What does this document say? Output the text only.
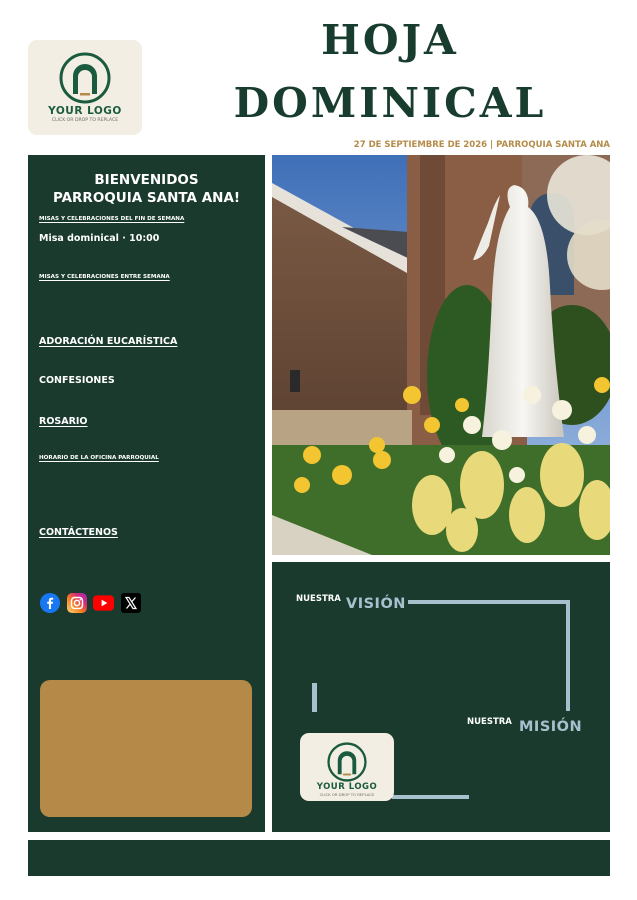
YOUR LOGO
CLICK OR DROP TO REPLACE
HOJA
DOMINICAL
27 DE SEPTIEMBRE DE 2026 | PARROQUIA SANTA ANA
BIENVENIDOS
PARROQUIA SANTA ANA!
MISAS Y CELEBRACIONES DEL FIN DE SEMANA
Misa dominical · 10:00
MISAS Y CELEBRACIONES ENTRE SEMANA
ADORACIÓN EUCARÍSTICA
CONFESIONES
ROSARIO
HORARIO DE LA OFICINA PARROQUIAL
CONTÁCTENOS
NUESTRA VISIÓN
NUESTRA MISIÓN
YOUR LOGO
CLICK OR DROP TO REPLACE
